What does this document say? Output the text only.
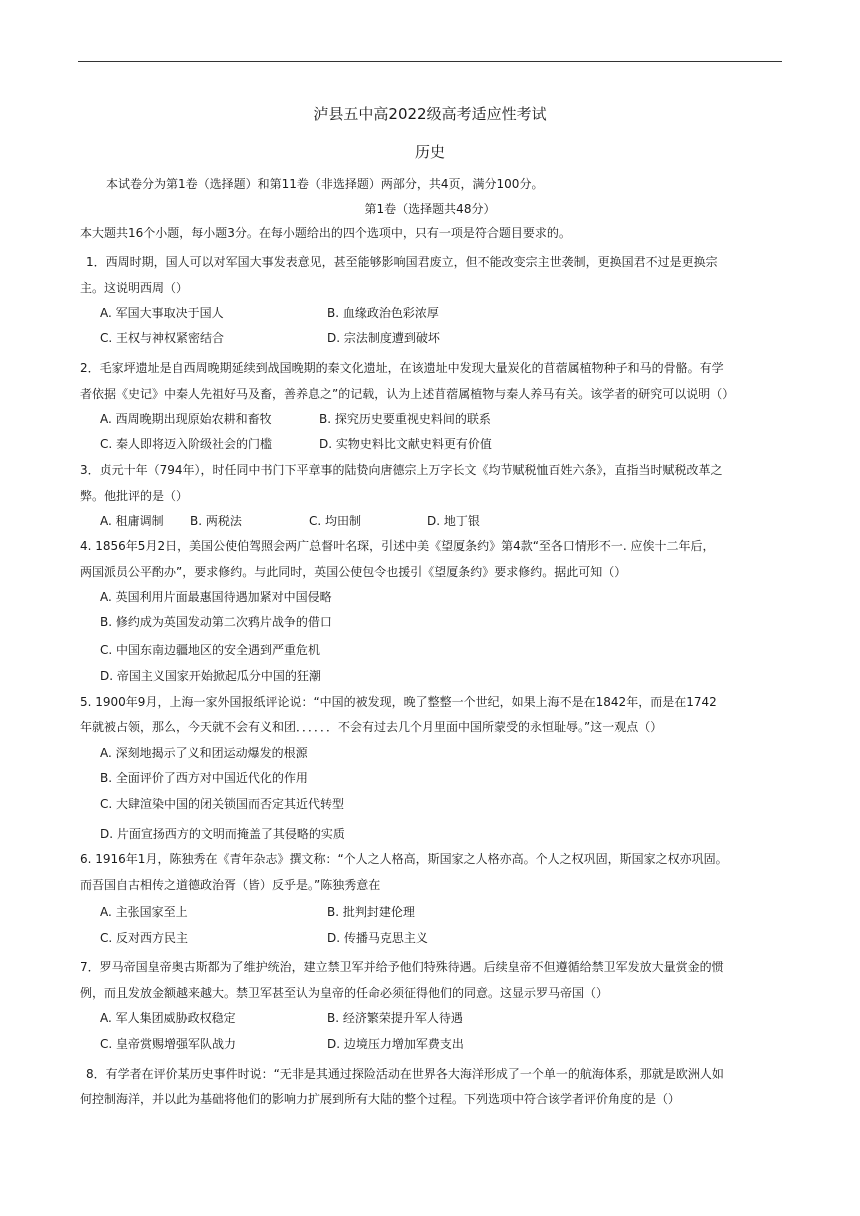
泸县五中高2022级高考适应性考试
历史
本试卷分为第1卷（选择题）和第11卷（非选择题）两部分，共4页，满分100分。
第1卷（选择题共48分）
本大题共16个小题，每小题3分。在每小题给出的四个选项中，只有一项是符合题目要求的。
1．西周时期，国人可以对军国大事发表意见，甚至能够影响国君废立，但不能改变宗主世袭制，更换国君不过是更换宗
主。这说明西周（）
A. 军国大事取决于国人	B. 血缘政治色彩浓厚
C. 王权与神权紧密结合	D. 宗法制度遭到破坏
2．毛家坪遗址是自西周晚期延续到战国晚期的秦文化遗址，在该遗址中发现大量炭化的苜蓿属植物种子和马的骨骼。有学
者依据《史记》中秦人先祖好马及畜，善养息之”的记载，认为上述苜蓿属植物与秦人养马有关。该学者的研究可以说明（）
A. 西周晚期出现原始农耕和畜牧	B. 探究历史要重视史料间的联系
C. 秦人即将迈入阶级社会的门槛	D. 实物史料比文献史料更有价值
3．贞元十年（794年），时任同中书门下平章事的陆贽向唐德宗上万字长文《均节赋税恤百姓六条》，直指当时赋税改革之
弊。他批评的是（）
A. 租庸调制 B. 两税法	C. 均田制	D. 地丁银
4. 1856年5月2日，美国公使伯驾照会两广总督叶名琛，引述中美《望厦条约》第4款“至各口情形不一. 应俟十二年后，
两国派员公平酌办”，要求修约。与此同时，英国公使包令也援引《望厦条约》要求修约。据此可知（）
A. 英国利用片面最惠国待遇加紧对中国侵略
B. 修约成为英国发动第二次鸦片战争的借口
C. 中国东南边疆地区的安全遇到严重危机
D. 帝国主义国家开始掀起瓜分中国的狂潮
5. 1900年9月，上海一家外国报纸评论说：“中国的被发现，晚了整整一个世纪，如果上海不是在1842年，而是在1742
年就被占领，那么，今天就不会有义和团．．．．．．不会有过去几个月里面中国所蒙受的永恒耻辱。”这一观点（）
A. 深刻地揭示了义和团运动爆发的根源
B. 全面评价了西方对中国近代化的作用
C. 大肆渲染中国的闭关锁国而否定其近代转型
D. 片面宣扬西方的文明而掩盖了其侵略的实质
6. 1916年1月，陈独秀在《青年杂志》撰文称：“个人之人格高，斯国家之人格亦高。个人之权巩固，斯国家之权亦巩固。
而吾国自古相传之道德政治胥（皆）反乎是。”陈独秀意在
A. 主张国家至上	B. 批判封建伦理
C. 反对西方民主	D. 传播马克思主义
7．罗马帝国皇帝奥古斯都为了维护统治，建立禁卫军并给予他们特殊待遇。后续皇帝不但遵循给禁卫军发放大量赏金的惯
例，而且发放金额越来越大。禁卫军甚至认为皇帝的任命必须征得他们的同意。这显示罗马帝国（）
A. 军人集团威胁政权稳定	B. 经济繁荣提升军人待遇
C. 皇帝赏赐增强军队战力	D. 边境压力增加军费支出
8．有学者在评价某历史事件时说：“无非是其通过探险活动在世界各大海洋形成了一个单一的航海体系，那就是欧洲人如
何控制海洋，并以此为基础将他们的影响力扩展到所有大陆的整个过程。下列选项中符合该学者评价角度的是（）
